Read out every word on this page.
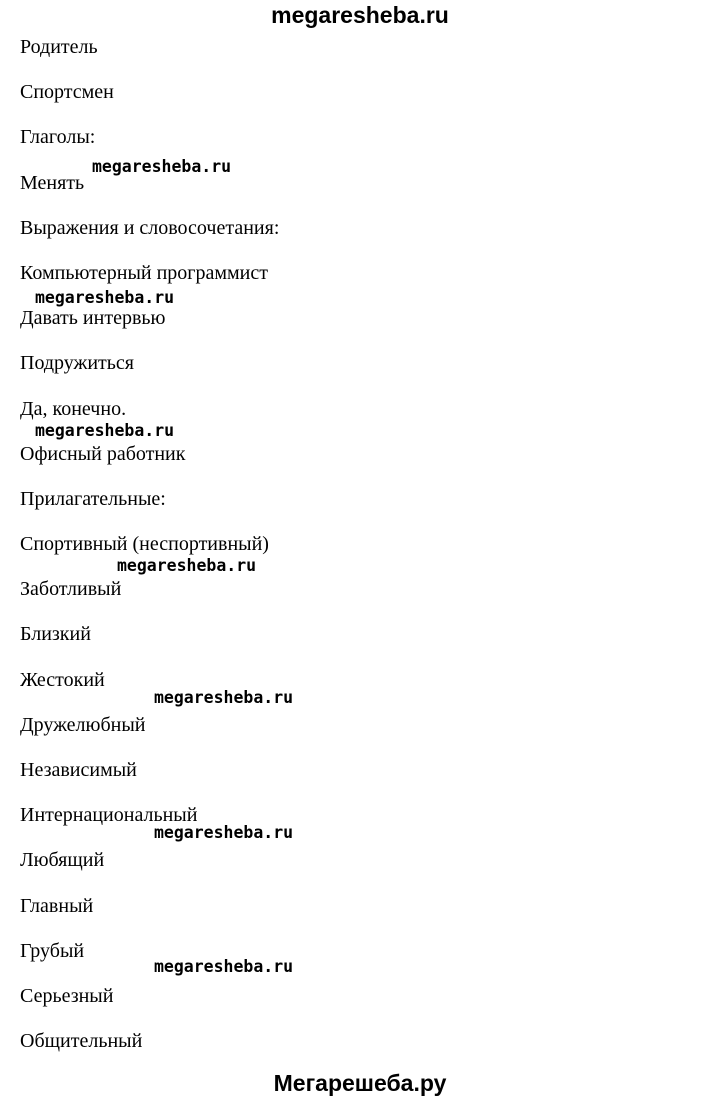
megaresheba.ru
Родитель
Спортсмен
Глаголы:
Менять
Выражения и словосочетания:
Компьютерный программист
Давать интервью
Подружиться
Да, конечно.
Офисный работник
Прилагательные:
Спортивный (неспортивный)
Заботливый
Близкий
Жестокий
Дружелюбный
Независимый
Интернациональный
Любящий
Главный
Грубый
Серьезный
Общительный
megaresheba.ru
megaresheba.ru
megaresheba.ru
megaresheba.ru
megaresheba.ru
megaresheba.ru
megaresheba.ru
Мегарешеба.ру
